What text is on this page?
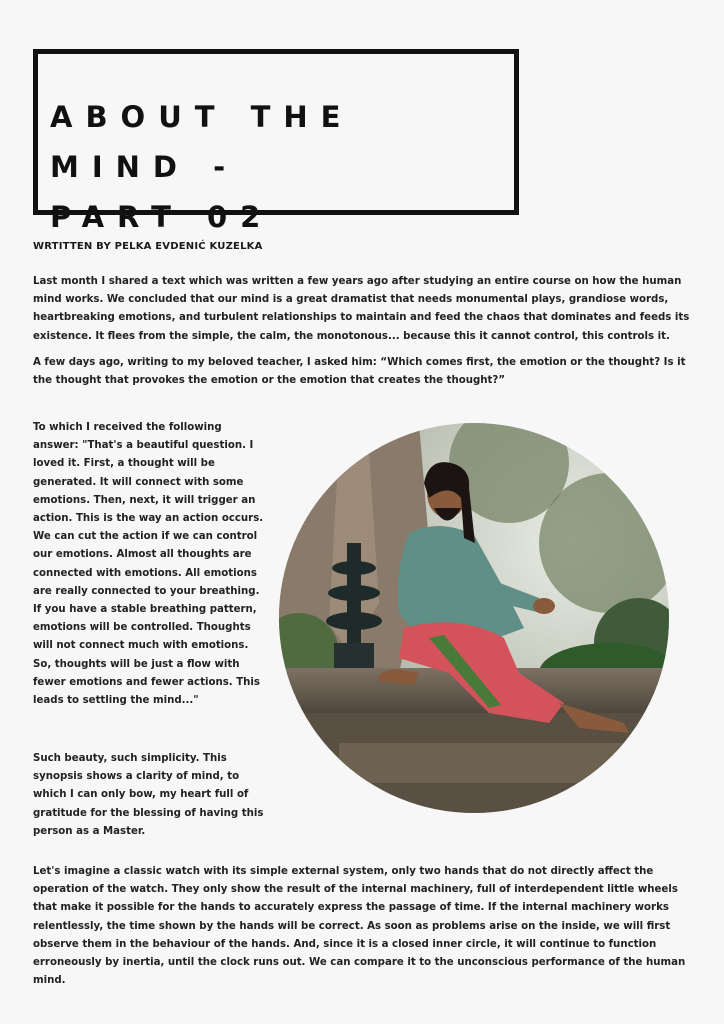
ABOUT THE MIND -
PART 02
WRTITTEN BY PELKA EVDENIĆ KUZELKA

Last month I shared a text which was written a few years ago after studying an entire course on how the human mind works. We concluded that our mind is a great dramatist that needs monumental plays, grandiose words, heartbreaking emotions, and turbulent relationships to maintain and feed the chaos that dominates and feeds its existence. It flees from the simple, the calm, the monotonous... because this it cannot control, this controls it.

A few days ago, writing to my beloved teacher, I asked him: “Which comes first, the emotion or the thought? Is it the thought that provokes the emotion or the emotion that creates the thought?”

To which I received the following answer: "That's a beautiful question. I loved it. First, a thought will be generated. It will connect with some emotions. Then, next, it will trigger an action. This is the way an action occurs. We can cut the action if we can control our emotions. Almost all thoughts are connected with emotions. All emotions are really connected to your breathing. If you have a stable breathing pattern, emotions will be controlled. Thoughts will not connect much with emotions. So, thoughts will be just a flow with fewer emotions and fewer actions. This leads to settling the mind..."

Such beauty, such simplicity. This synopsis shows a clarity of mind, to which I can only bow, my heart full of gratitude for the blessing of having this person as a Master.

Let's imagine a classic watch with its simple external system, only two hands that do not directly affect the operation of the watch. They only show the result of the internal machinery, full of interdependent little wheels that make it possible for the hands to accurately express the passage of time. If the internal machinery works relentlessly, the time shown by the hands will be correct. As soon as problems arise on the inside, we will first observe them in the behaviour of the hands. And, since it is a closed inner circle, it will continue to function erroneously by inertia, until the clock runs out. We can compare it to the unconscious performance of the human mind.
